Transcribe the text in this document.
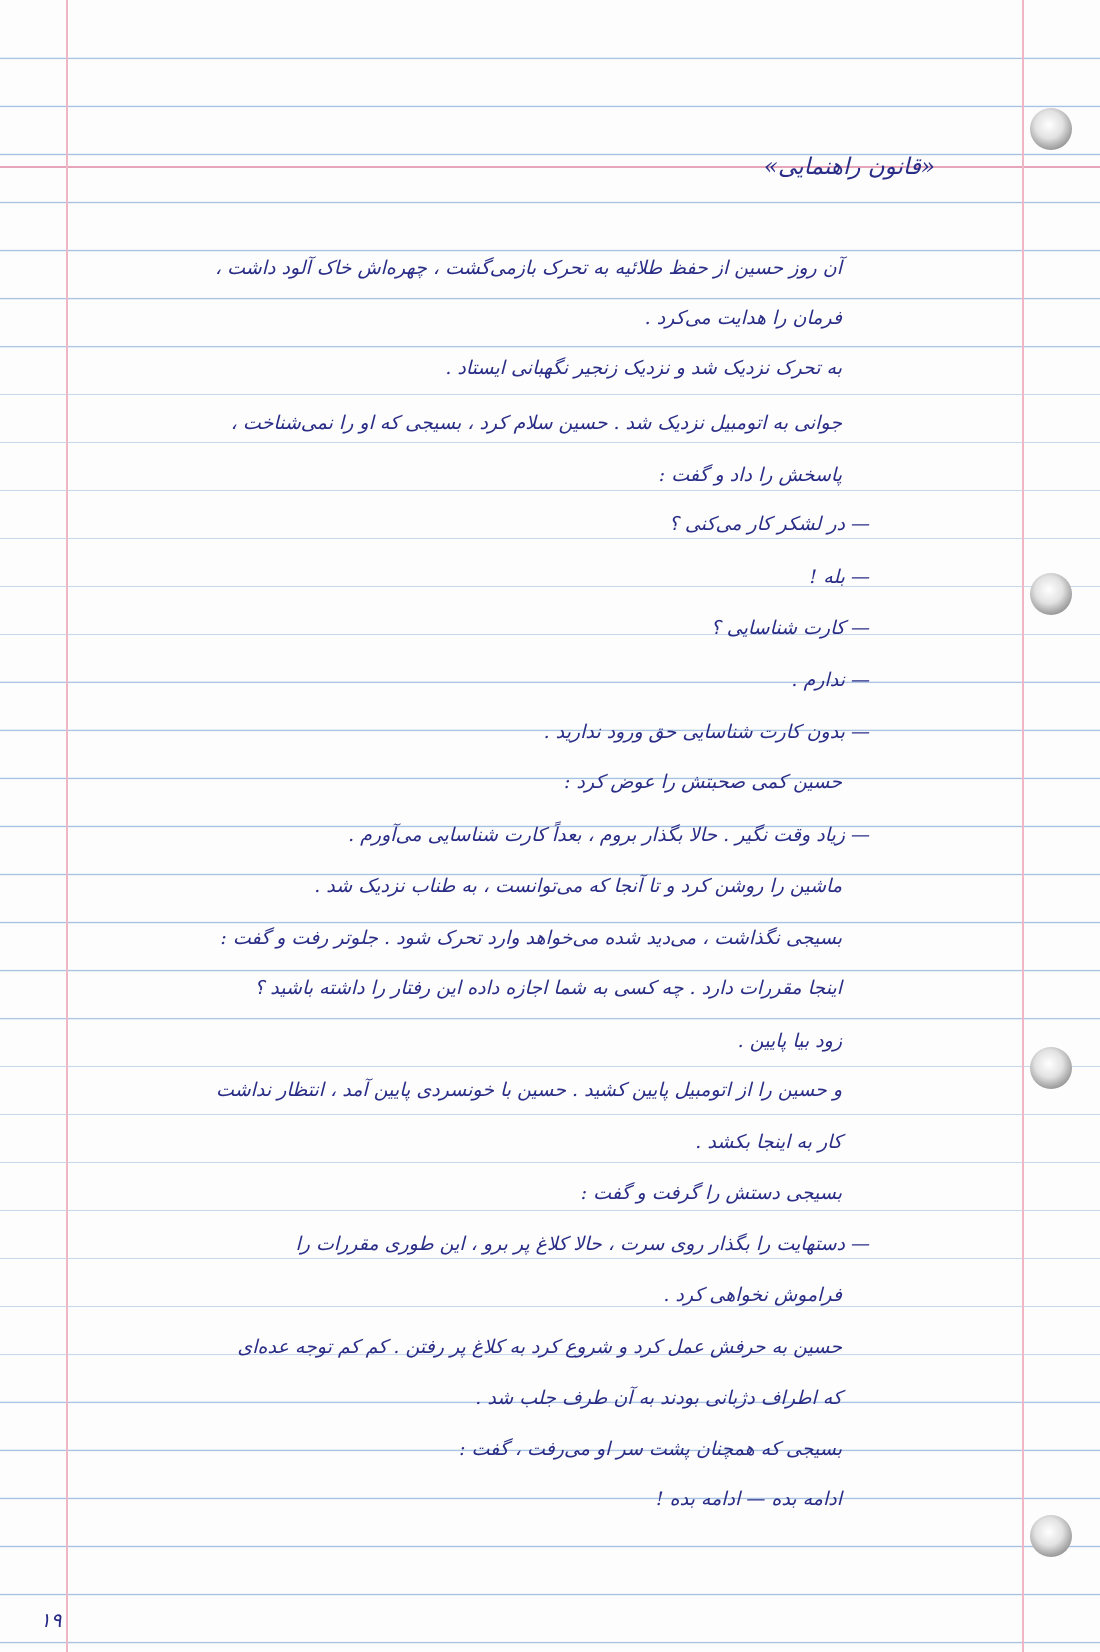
«قانون راهنمایی»
آن روز حسین از حفظ طلائیه به تحرک بازمی‌گشت ، چهره‌اش خاک آلود داشت ،
فرمان را هدایت می‌کرد .
به تحرک نزدیک شد و نزدیک زنجیر نگهبانی ایستاد .
جوانی به اتومبیل نزدیک شد . حسین سلام کرد ، بسیجی که او را نمی‌شناخت ،
پاسخش را داد و گفت :
— در لشکر کار می‌کنی ؟
— بله !
— کارت شناسایی ؟
— ندارم .
— بدون کارت شناسایی حق ورود ندارید .
حسین کمی صحبتش را عوض کرد :
— زیاد وقت نگیر . حالا بگذار بروم ، بعداً کارت شناسایی می‌آورم .
ماشین را روشن کرد و تا آنجا که می‌توانست ، به طناب نزدیک شد .
بسیجی نگذاشت ، می‌دید شده می‌خواهد وارد تحرک شود . جلوتر رفت و گفت :
اینجا مقررات دارد . چه کسی به شما اجازه داده این رفتار را داشته باشید ؟
زود بیا پایین .
و حسین را از اتومبیل پایین کشید . حسین با خونسردی پایین آمد ، انتظار نداشت
کار به اینجا بکشد .
بسیجی دستش را گرفت و گفت :
— دستهایت را بگذار روی سرت ، حالا کلاغ پر برو ، این طوری مقررات را
فراموش نخواهی کرد .
حسین به حرفش عمل کرد و شروع کرد به کلاغ پر رفتن . کم کم توجه عده‌ای
که اطراف دژبانی بودند به آن طرف جلب شد .
بسیجی که همچنان پشت سر او می‌رفت ، گفت :
ادامه بده — ادامه بده !
۱۹
